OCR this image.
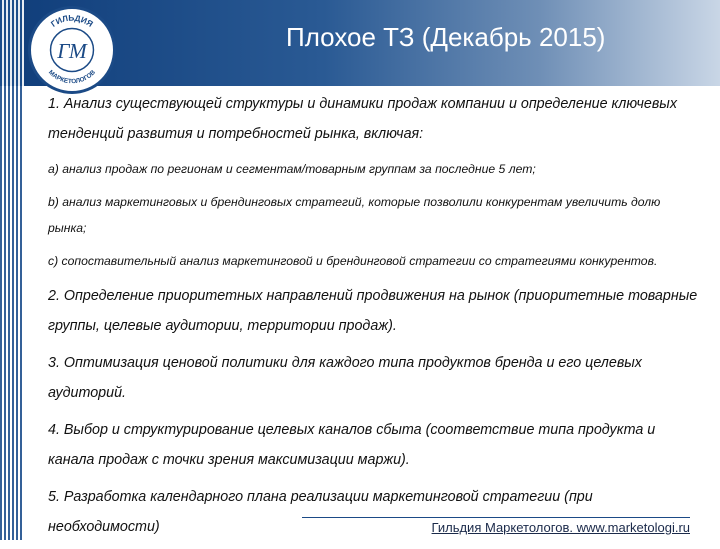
ГИЛЬДИЯ
МАРКЕТОЛОГОВ
ГМ	Плохое ТЗ (Декабрь 2015)

1. Анализ существующей структуры и динамики продаж компании и определение ключевых тенденций развития и потребностей рынка, включая:

a) анализ продаж по регионам и сегментам/товарным группам за последние 5 лет;

b) анализ маркетинговых и брендинговых стратегий, которые позволили конкурентам увеличить долю рынка;

c) сопоставительный анализ маркетинговой и брендинговой стратегии со стратегиями конкурентов.

2. Определение приоритетных направлений продвижения на рынок (приоритетные товарные группы, целевые аудитории, территории продаж).

3. Оптимизация ценовой политики для каждого типа продуктов бренда и его целевых аудиторий.

4. Выбор и структурирование целевых каналов сбыта (соответствие типа продукта и канала продаж с точки зрения максимизации маржи).

5. Разработка календарного плана реализации маркетинговой стратегии (при необходимости)	Гильдия Маркетологов. www.marketologi.ru
